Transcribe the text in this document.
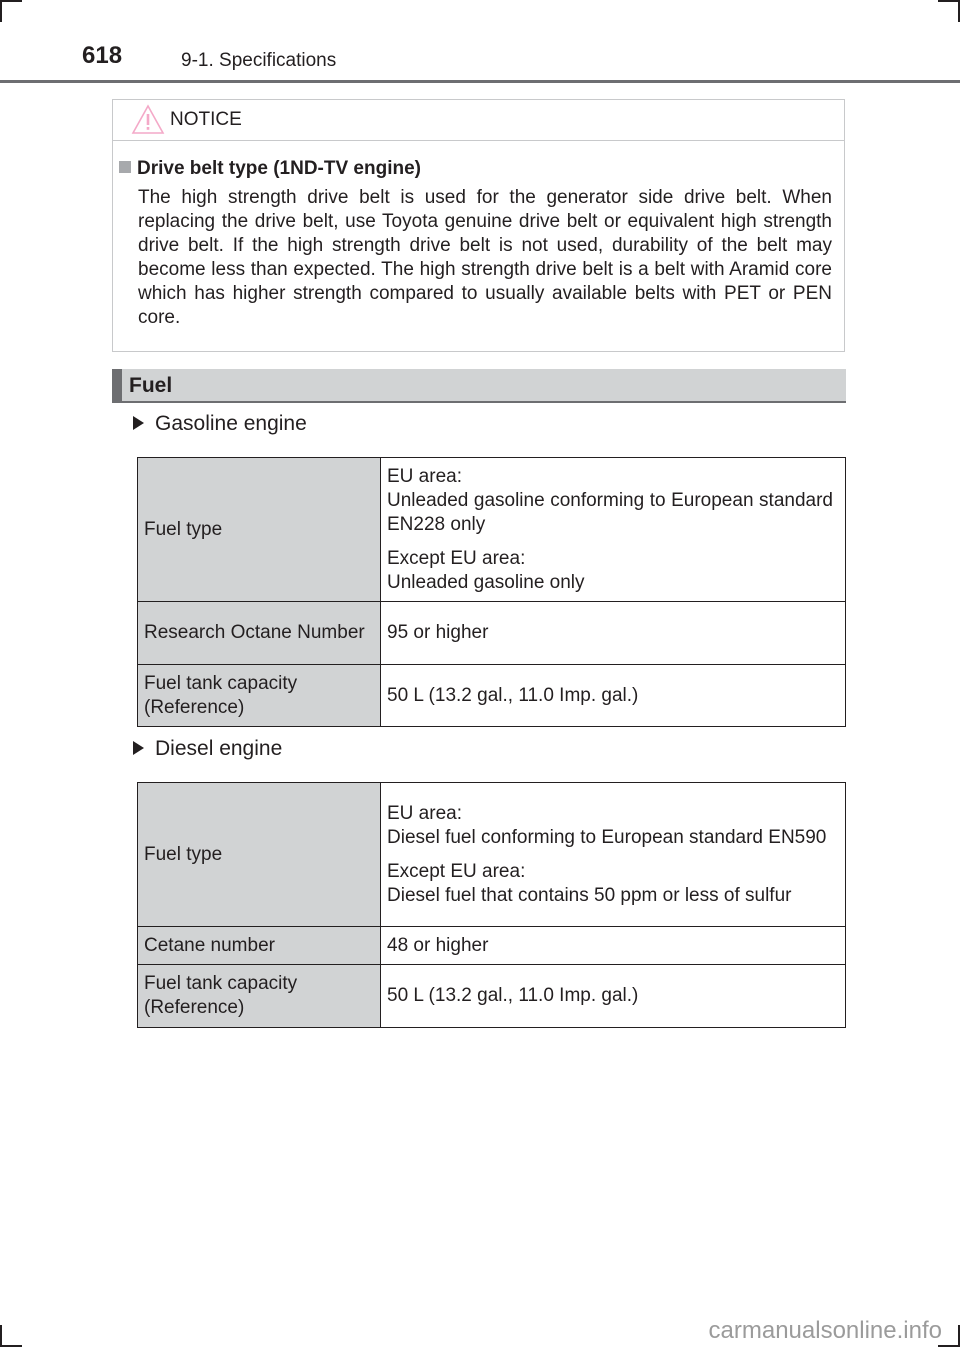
618	9-1. Specifications
NOTICE
Drive belt type (1ND-TV engine)

The high strength drive belt is used for the generator side drive belt. When replacing the drive belt, use Toyota genuine drive belt or equivalent high strength drive belt. If the high strength drive belt is not used, durability of the belt may become less than expected. The high strength drive belt is a belt with Aramid core which has higher strength compared to usually available belts with PET or PEN core.

Fuel
Gasoline engine
Fuel type	EU area:
Unleaded gasoline conforming to European standard EN228 only
Except EU area:
Unleaded gasoline only

Research Octane Number	95 or higher
Fuel tank capacity (Reference)	50 L (13.2 gal., 11.0 Imp. gal.)
Diesel engine
Fuel type	EU area:
Diesel fuel conforming to European standard EN590
Except EU area:
Diesel fuel that contains 50 ppm or less of sulfur

Cetane number	48 or higher
Fuel tank capacity (Reference)	50 L (13.2 gal., 11.0 Imp. gal.)
carmanualsonline.info
